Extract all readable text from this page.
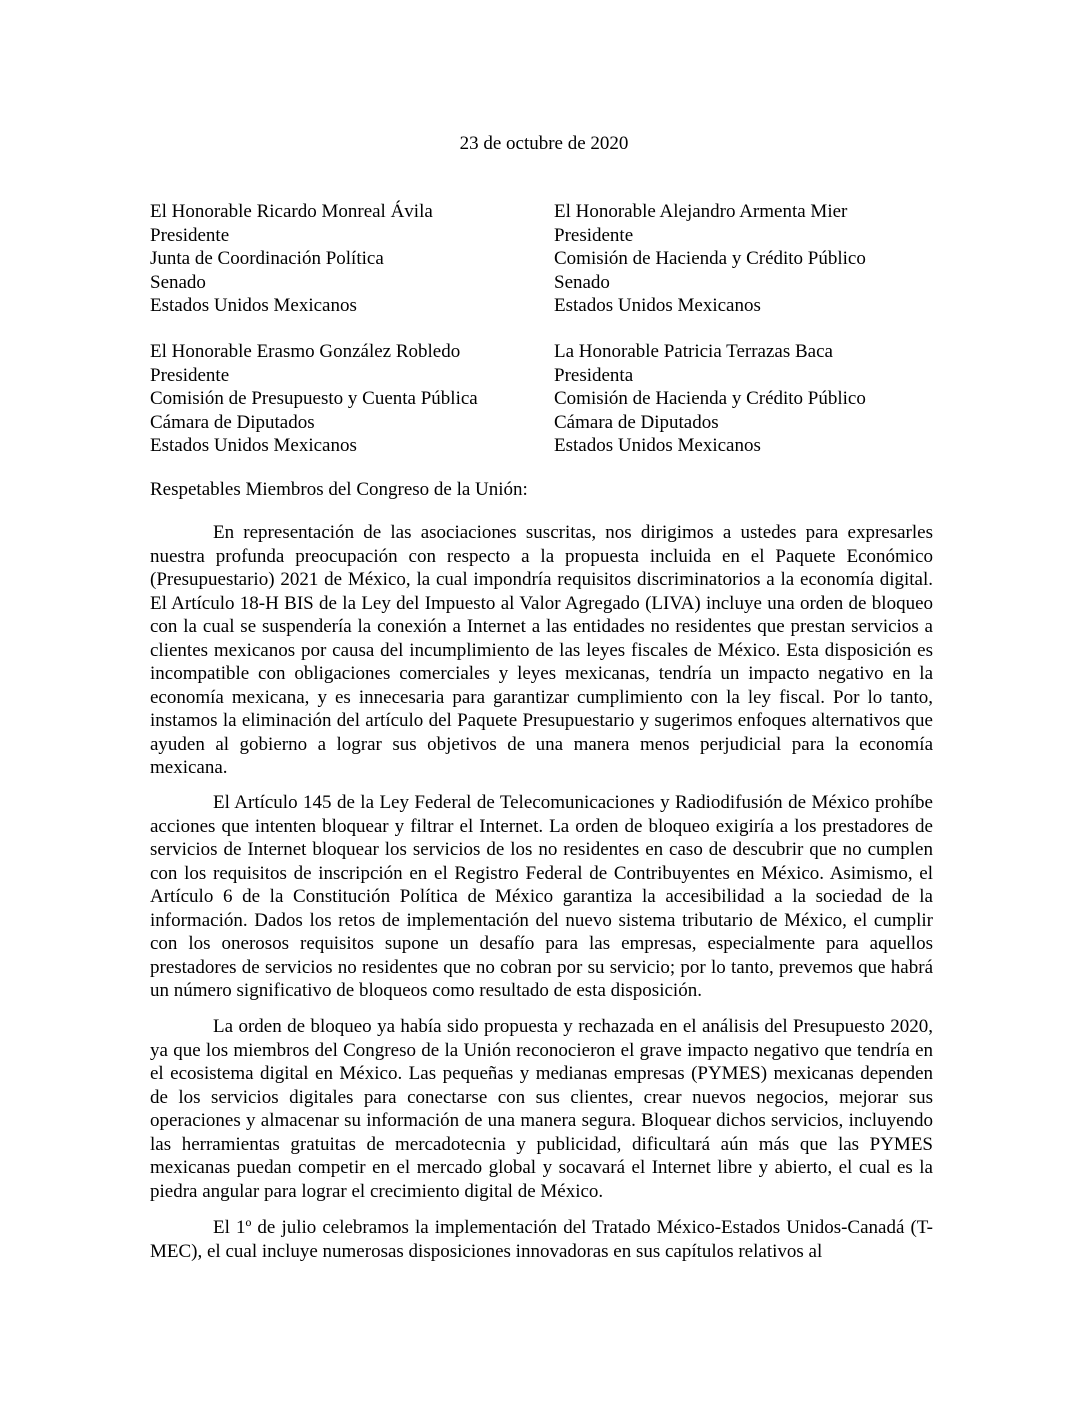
23 de octubre de 2020
El Honorable Ricardo Monreal Ávila
Presidente
Junta de Coordinación Política
Senado
Estados Unidos Mexicanos
El Honorable Alejandro Armenta Mier
Presidente
Comisión de Hacienda y Crédito Público
Senado
Estados Unidos Mexicanos
El Honorable Erasmo González Robledo
Presidente
Comisión de Presupuesto y Cuenta Pública
Cámara de Diputados
Estados Unidos Mexicanos
La Honorable Patricia Terrazas Baca
Presidenta
Comisión de Hacienda y Crédito Público
Cámara de Diputados
Estados Unidos Mexicanos
Respetables Miembros del Congreso de la Unión:

En representación de las asociaciones suscritas, nos dirigimos a ustedes para expresarles nuestra profunda preocupación con respecto a la propuesta incluida en el Paquete Económico (Presupuestario) 2021 de México, la cual impondría requisitos discriminatorios a la economía digital. El Artículo 18-H BIS de la Ley del Impuesto al Valor Agregado (LIVA) incluye una orden de bloqueo con la cual se suspendería la conexión a Internet a las entidades no residentes que prestan servicios a clientes mexicanos por causa del incumplimiento de las leyes fiscales de México. Esta disposición es incompatible con obligaciones comerciales y leyes mexicanas, tendría un impacto negativo en la economía mexicana, y es innecesaria para garantizar cumplimiento con la ley fiscal. Por lo tanto, instamos la eliminación del artículo del Paquete Presupuestario y sugerimos enfoques alternativos que ayuden al gobierno a lograr sus objetivos de una manera menos perjudicial para la economía mexicana.

El Artículo 145 de la Ley Federal de Telecomunicaciones y Radiodifusión de México prohíbe acciones que intenten bloquear y filtrar el Internet. La orden de bloqueo exigiría a los prestadores de servicios de Internet bloquear los servicios de los no residentes en caso de descubrir que no cumplen con los requisitos de inscripción en el Registro Federal de Contribuyentes en México. Asimismo, el Artículo 6 de la Constitución Política de México garantiza la accesibilidad a la sociedad de la información. Dados los retos de implementación del nuevo sistema tributario de México, el cumplir con los onerosos requisitos supone un desafío para las empresas, especialmente para aquellos prestadores de servicios no residentes que no cobran por su servicio; por lo tanto, prevemos que habrá un número significativo de bloqueos como resultado de esta disposición.

La orden de bloqueo ya había sido propuesta y rechazada en el análisis del Presupuesto 2020, ya que los miembros del Congreso de la Unión reconocieron el grave impacto negativo que tendría en el ecosistema digital en México. Las pequeñas y medianas empresas (PYMES) mexicanas dependen de los servicios digitales para conectarse con sus clientes, crear nuevos negocios, mejorar sus operaciones y almacenar su información de una manera segura. Bloquear dichos servicios, incluyendo las herramientas gratuitas de mercadotecnia y publicidad, dificultará aún más que las PYMES mexicanas puedan competir en el mercado global y socavará el Internet libre y abierto, el cual es la piedra angular para lograr el crecimiento digital de México.

El 1º de julio celebramos la implementación del Tratado México-Estados Unidos-Canadá (T-MEC), el cual incluye numerosas disposiciones innovadoras en sus capítulos relativos al
